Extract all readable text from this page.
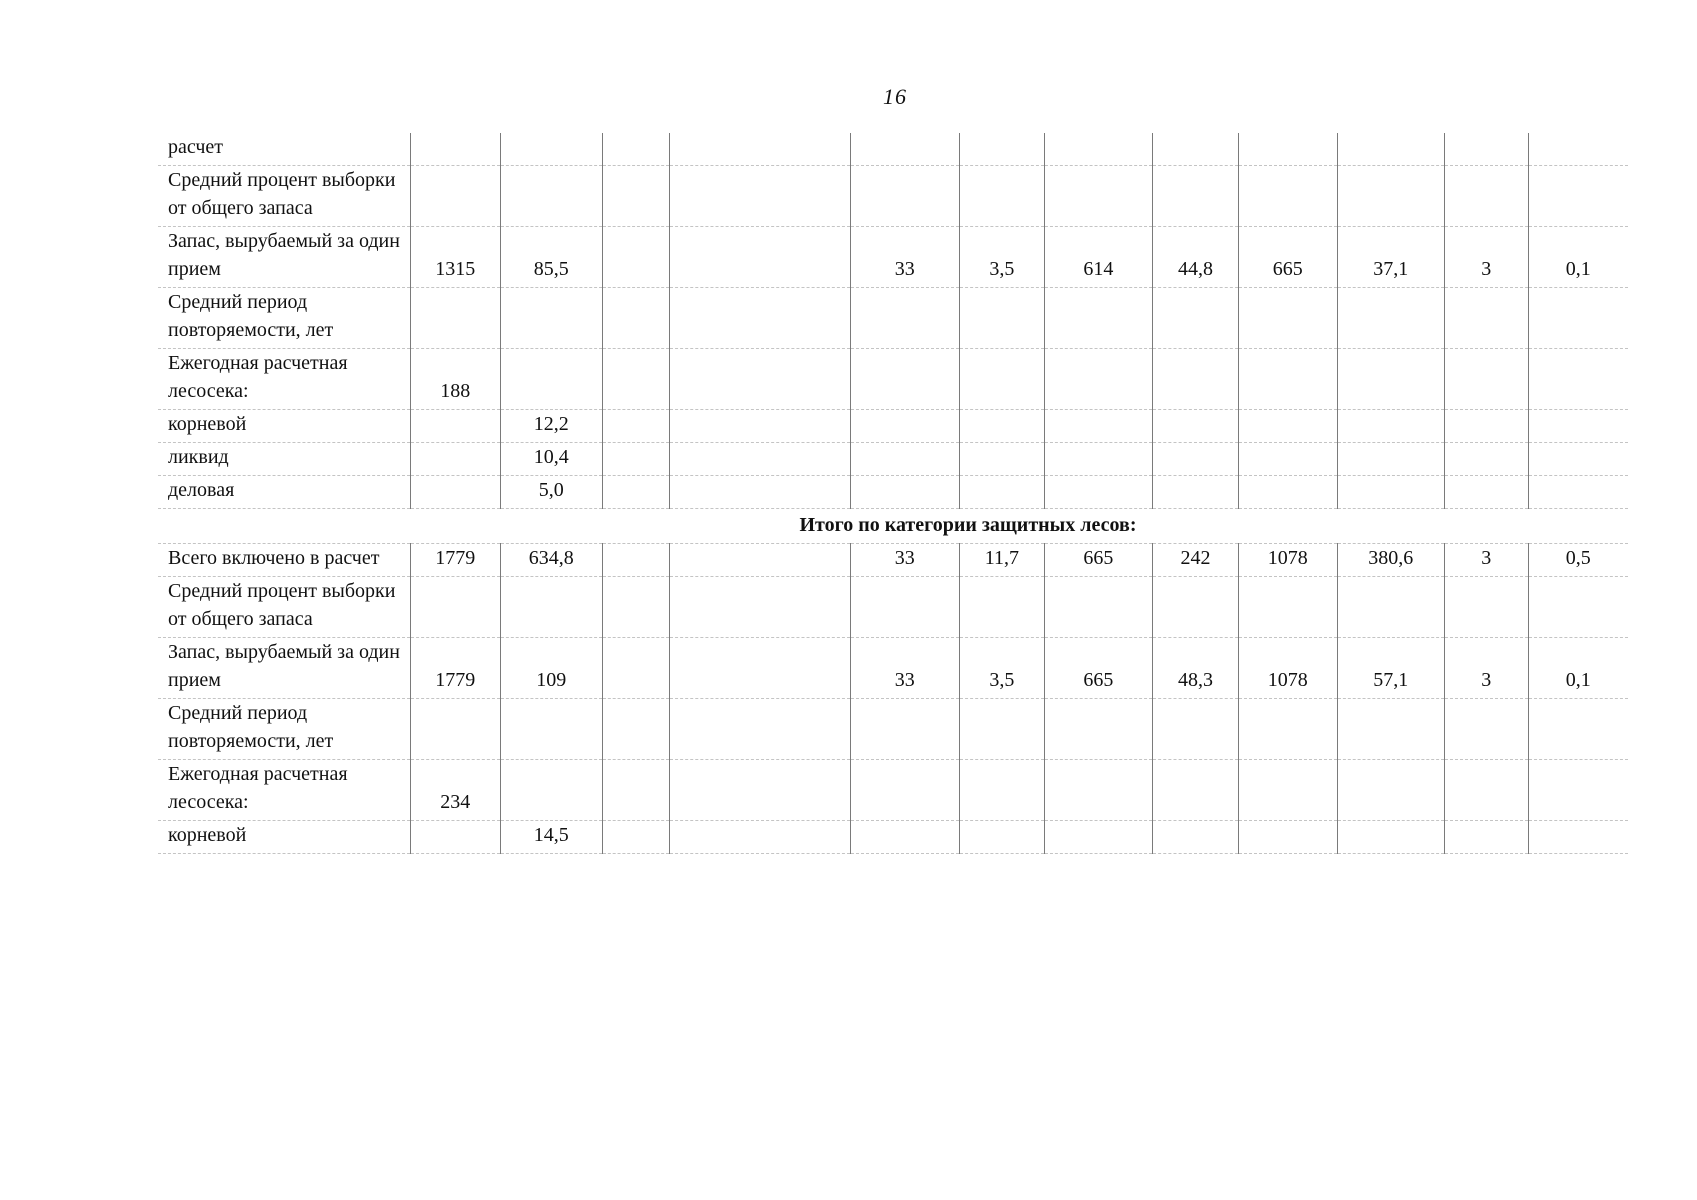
16
расчет												
Средний процент выборки от общего запаса												
Запас, вырубаемый за один прием	1315	85,5			33	3,5	614	44,8	665	37,1	3	0,1
Средний период повторяемости, лет												
Ежегодная расчетная лесосека:	188											
корневой		12,2										
ликвид		10,4										
деловая		5,0										
Итого по категории защитных лесов:												
Всего включено в расчет	1779	634,8			33	11,7	665	242	1078	380,6	3	0,5
Средний процент выборки от общего запаса												
Запас, вырубаемый за один прием	1779	109			33	3,5	665	48,3	1078	57,1	3	0,1
Средний период повторяемости, лет												
Ежегодная расчетная лесосека:	234											
корневой		14,5										
